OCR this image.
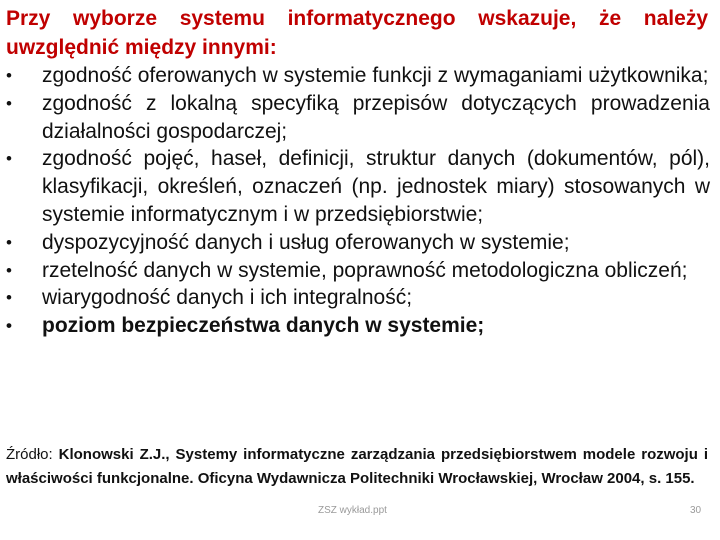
Przy wyborze systemu informatycznego wskazuje, że należy uwzględnić między innymi:
•	zgodność oferowanych w systemie funkcji z wymaganiami użytkownika;
•	zgodność z lokalną specyfiką przepisów dotyczących prowadzenia działalności gospodarczej;
•	zgodność pojęć, haseł, definicji, struktur danych (dokumentów, pól), klasyfikacji, określeń, oznaczeń (np. jednostek miary) stosowanych w systemie informatycznym i w przedsiębiorstwie;
•	dyspozycyjność danych i usług oferowanych w systemie;
•	rzetelność danych w systemie, poprawność metodologiczna obliczeń;
•	wiarygodność danych i ich integralność;
•	poziom bezpieczeństwa danych w systemie;
Źródło: Klonowski Z.J., Systemy informatyczne zarządzania przedsiębiorstwem modele rozwoju i właściwości funkcjonalne. Oficyna Wydawnicza Politechniki Wrocławskiej, Wrocław 2004, s. 155.
ZSZ wykład.ppt	30
